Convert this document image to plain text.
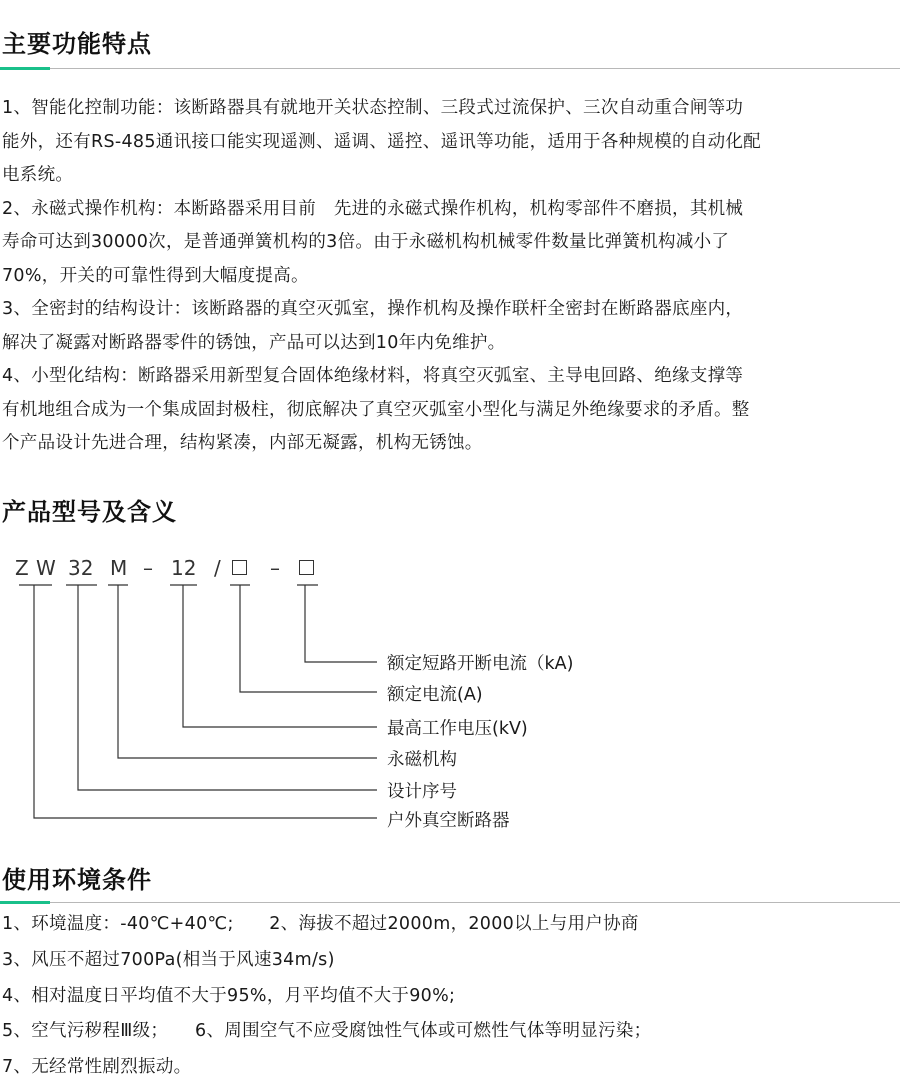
主要功能特点
1、智能化控制功能：该断路器具有就地开关状态控制、三段式过流保护、三次自动重合闸等功
能外，还有RS-485通讯接口能实现遥测、遥调、遥控、遥讯等功能，适用于各种规模的自动化配
电系统。
2、永磁式操作机构：本断路器采用目前　先进的永磁式操作机构，机构零部件不磨损，其机械
寿命可达到30000次，是普通弹簧机构的3倍。由于永磁机构机械零件数量比弹簧机构减小了
70%，开关的可靠性得到大幅度提高。
3、全密封的结构设计：该断路器的真空灭弧室，操作机构及操作联杆全密封在断路器底座内，
解决了凝露对断路器零件的锈蚀，产品可以达到10年内免维护。
4、小型化结构：断路器采用新型复合固体绝缘材料，将真空灭弧室、主导电回路、绝缘支撑等
有机地组合成为一个集成固封极柱，彻底解决了真空灭弧室小型化与满足外绝缘要求的矛盾。整
个产品设计先进合理，结构紧凑，内部无凝露，机构无锈蚀。
产品型号及含义
Z W 32 M – 12 / –
额定短路开断电流（kA)
额定电流(A)
最高工作电压(kV)
永磁机构
设计序号
户外真空断路器
使用环境条件
1、环境温度：-40℃+40℃;　　2、海拔不超过2000m，2000以上与用户协商
3、风压不超过700Pa(相当于风速34m/s)
4、相对温度日平均值不大于95%，月平均值不大于90%;
5、空气污秽程Ⅲ级；　　6、周围空气不应受腐蚀性气体或可燃性气体等明显污染；
7、无经常性剧烈振动。
